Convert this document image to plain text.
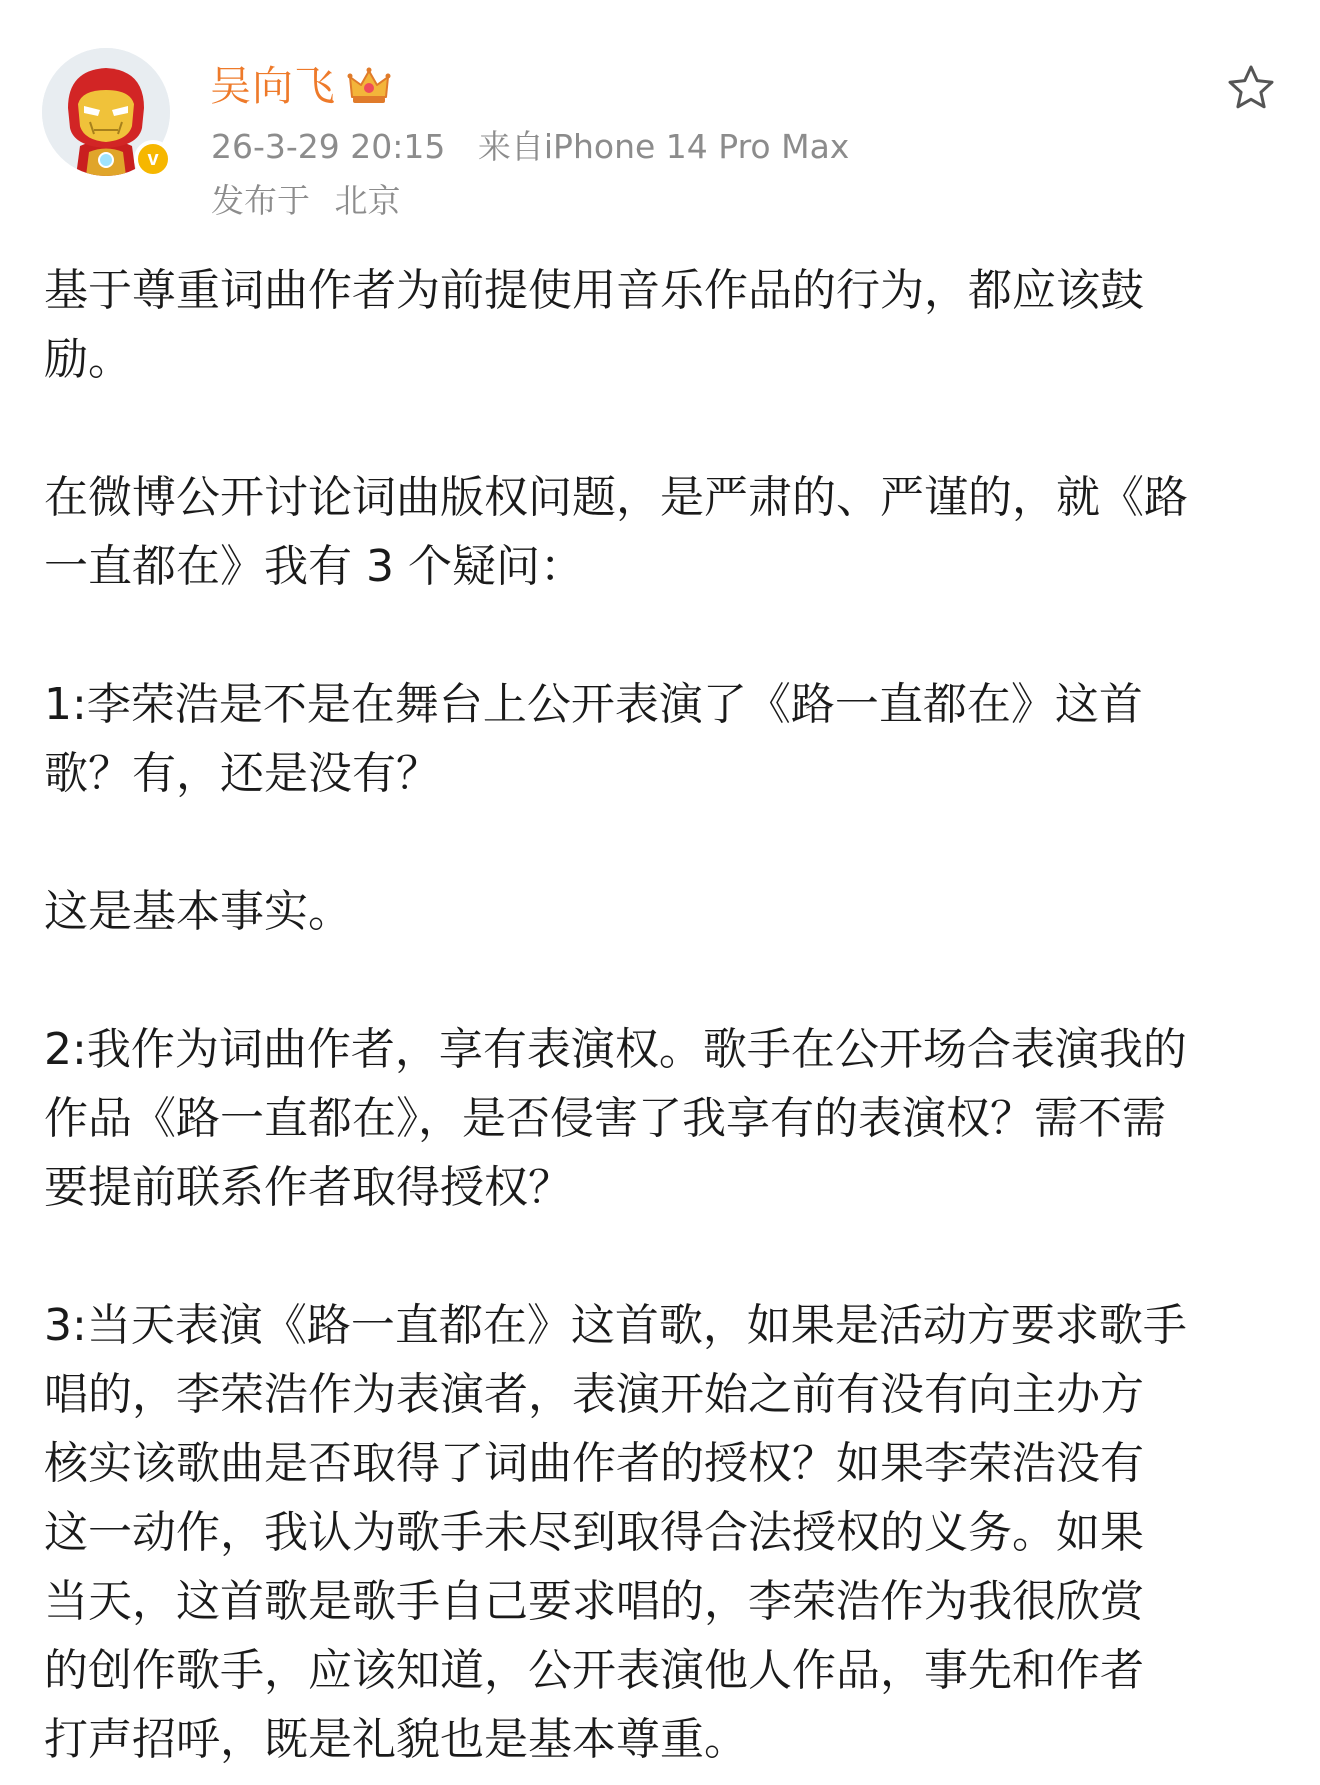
v
吴向飞
26-3-29 20:15 来自iPhone 14 Pro Max
发布于 北京

基于尊重词曲作者为前提使用音乐作品的行为，都应该鼓
励。

在微博公开讨论词曲版权问题，是严肃的、严谨的，就《路
一直都在》我有 3 个疑问：

1:李荣浩是不是在舞台上公开表演了《路一直都在》这首
歌？有，还是没有？

这是基本事实。

2:我作为词曲作者，享有表演权。歌手在公开场合表演我的
作品《路一直都在》，是否侵害了我享有的表演权？需不需
要提前联系作者取得授权？

3:当天表演《路一直都在》这首歌，如果是活动方要求歌手
唱的，李荣浩作为表演者，表演开始之前有没有向主办方
核实该歌曲是否取得了词曲作者的授权？如果李荣浩没有
这一动作，我认为歌手未尽到取得合法授权的义务。如果
当天，这首歌是歌手自己要求唱的，李荣浩作为我很欣赏
的创作歌手，应该知道，公开表演他人作品，事先和作者
打声招呼，既是礼貌也是基本尊重。
